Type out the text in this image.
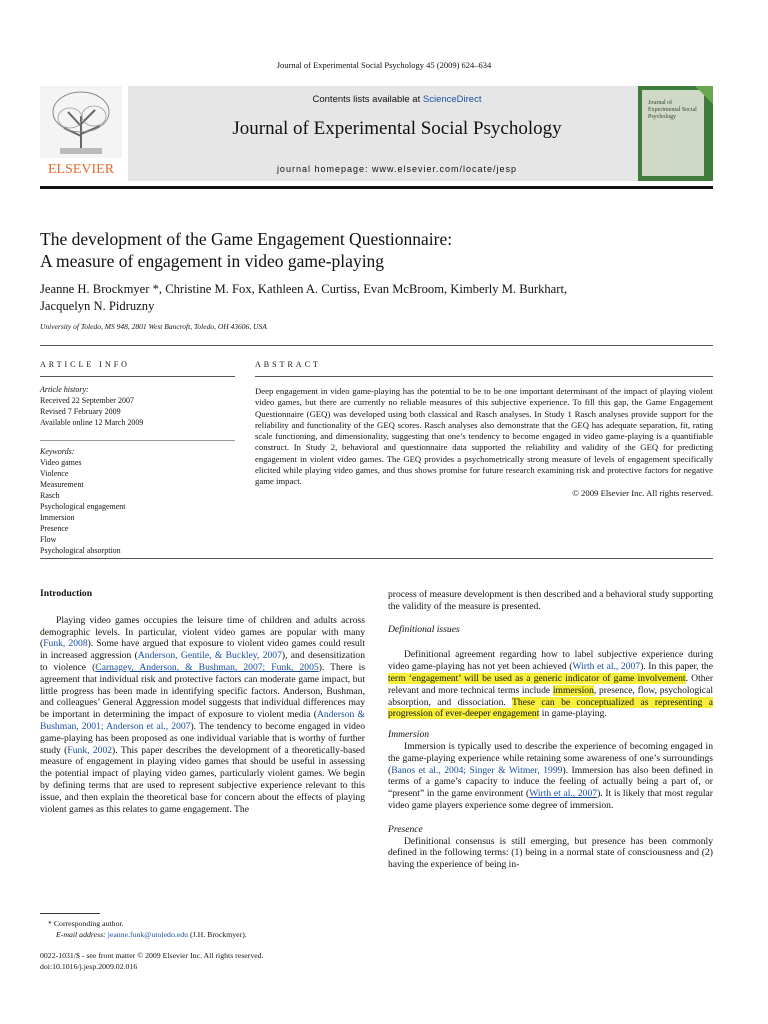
Journal of Experimental Social Psychology 45 (2009) 624–634
ELSEVIER
Contents lists available at ScienceDirect
Journal of Experimental Social Psychology
journal homepage: www.elsevier.com/locate/jesp
Journal of Experimental Social Psychology
The development of the Game Engagement Questionnaire:
A measure of engagement in video game-playing
Jeanne H. Brockmyer *, Christine M. Fox, Kathleen A. Curtiss, Evan McBroom, Kimberly M. Burkhart,
Jacquelyn N. Pidruzny
University of Toledo, MS 948, 2801 West Bancroft, Toledo, OH 43606, USA
ARTICLE INFO	ABSTRACT
Article history:
Received 22 September 2007
Revised 7 February 2009
Available online 12 March 2009
Keywords:
Video games
Violence
Measurement
Rasch
Psychological engagement
Immersion
Presence
Flow
Psychological absorption
Deep engagement in video game-playing has the potential to be to be one important determinant of the impact of playing violent video games, but there are currently no reliable measures of this subjective experience. To fill this gap, the Game Engagement Questionnaire (GEQ) was developed using both classical and Rasch analyses. In Study 1 Rasch analyses provide support for the reliability and functionality of the GEQ scores. Rasch analyses also demonstrate that the GEQ has adequate separation, fit, rating scale functioning, and dimensionality, suggesting that one’s tendency to become engaged in video game-playing is a quantifiable construct. In Study 2, behavioral and questionnaire data supported the reliability and validity of the GEQ for predicting engagement in violent video games. The GEQ provides a psychometrically strong measure of levels of engagement specifically elicited while playing video games, and thus shows promise for future research examining risk and protective factors for negative game impact.
© 2009 Elsevier Inc. All rights reserved.
Introduction

Playing video games occupies the leisure time of children and adults across demographic levels. In particular, violent video games are popular with many (Funk, 2008). Some have argued that exposure to violent video games could result in increased aggression (Anderson, Gentile, & Buckley, 2007), and desensitization to violence (Carnagey, Anderson, & Bushman, 2007; Funk, 2005). There is agreement that individual risk and protective factors can moderate game impact, but little progress has been made in identifying specific factors. Anderson, Bushman, and colleagues’ General Aggression model suggests that individual differences may be important in determining the impact of exposure to violent media (Anderson & Bushman, 2001; Anderson et al., 2007). The tendency to become engaged in video game-playing has been proposed as one individual variable that is worthy of further study (Funk, 2002). This paper describes the development of a theoretically-based measure of engagement in playing video games that should be useful in assessing the potential impact of playing video games, particularly violent games. We begin by defining terms that are used to represent subjective experience relevant to this issue, and then explain the theoretical base for concern about the effects of playing violent games as this relates to game engagement. The

* Corresponding author.
E-mail address: jeanne.funk@utoledo.edu (J.H. Brockmyer).
0022-1031/$ - see front matter © 2009 Elsevier Inc. All rights reserved.
doi:10.1016/j.jesp.2009.02.016

process of measure development is then described and a behavioral study supporting the validity of the measure is presented.

Definitional issues

Definitional agreement regarding how to label subjective experience during video game-playing has not yet been achieved (Wirth et al., 2007). In this paper, the term ‘engagement’ will be used as a generic indicator of game involvement. Other relevant and more technical terms include immersion, presence, flow, psychological absorption, and dissociation. These can be conceptualized as representing a progression of ever-deeper engagement in game-playing.

Immersion

Immersion is typically used to describe the experience of becoming engaged in the game-playing experience while retaining some awareness of one’s surroundings (Banos et al., 2004; Singer & Witmer, 1999). Immersion has also been defined in terms of a game’s capacity to induce the feeling of actually being a part of, or “present” in the game environment (Wirth et al., 2007). It is likely that most regular video game players experience some degree of immersion.

Presence

Definitional consensus is still emerging, but presence has been commonly defined in the following terms: (1) being in a normal state of consciousness and (2) having the experience of being in-
